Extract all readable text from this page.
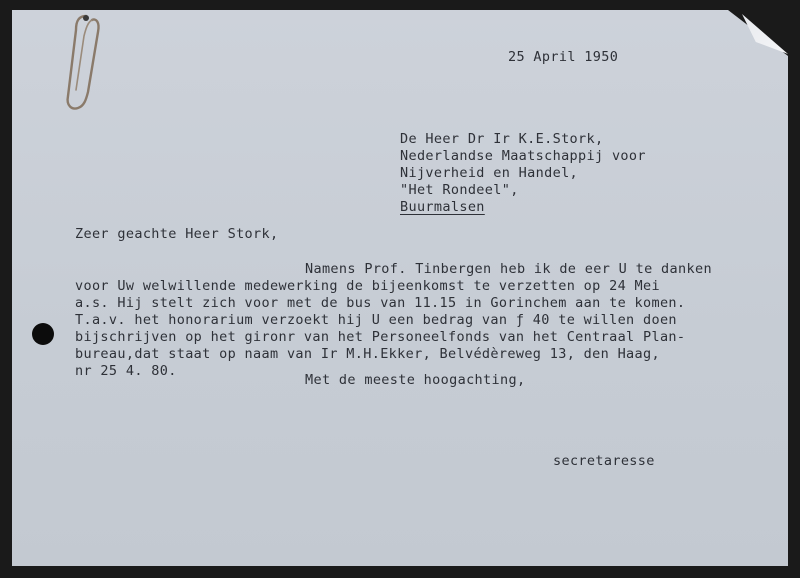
25 April 1950
De Heer Dr Ir K.E.Stork,
Nederlandse Maatschappij voor
Nijverheid en Handel,
"Het Rondeel",
Buurmalsen
Zeer geachte Heer Stork,
Namens Prof. Tinbergen heb ik de eer U te danken
voor Uw welwillende medewerking de bijeenkomst te verzetten op 24 Mei
a.s. Hij stelt zich voor met de bus van 11.15 in Gorinchem aan te komen.
T.a.v. het honorarium verzoekt hij U een bedrag van ƒ 40 te willen doen
bijschrijven op het gironr van het Personeelfonds van het Centraal Plan-
bureau,dat staat op naam van Ir M.H.Ekker, Belvédèreweg 13, den Haag,
nr 25 4. 80.
Met de meeste hoogachting,
secretaresse
